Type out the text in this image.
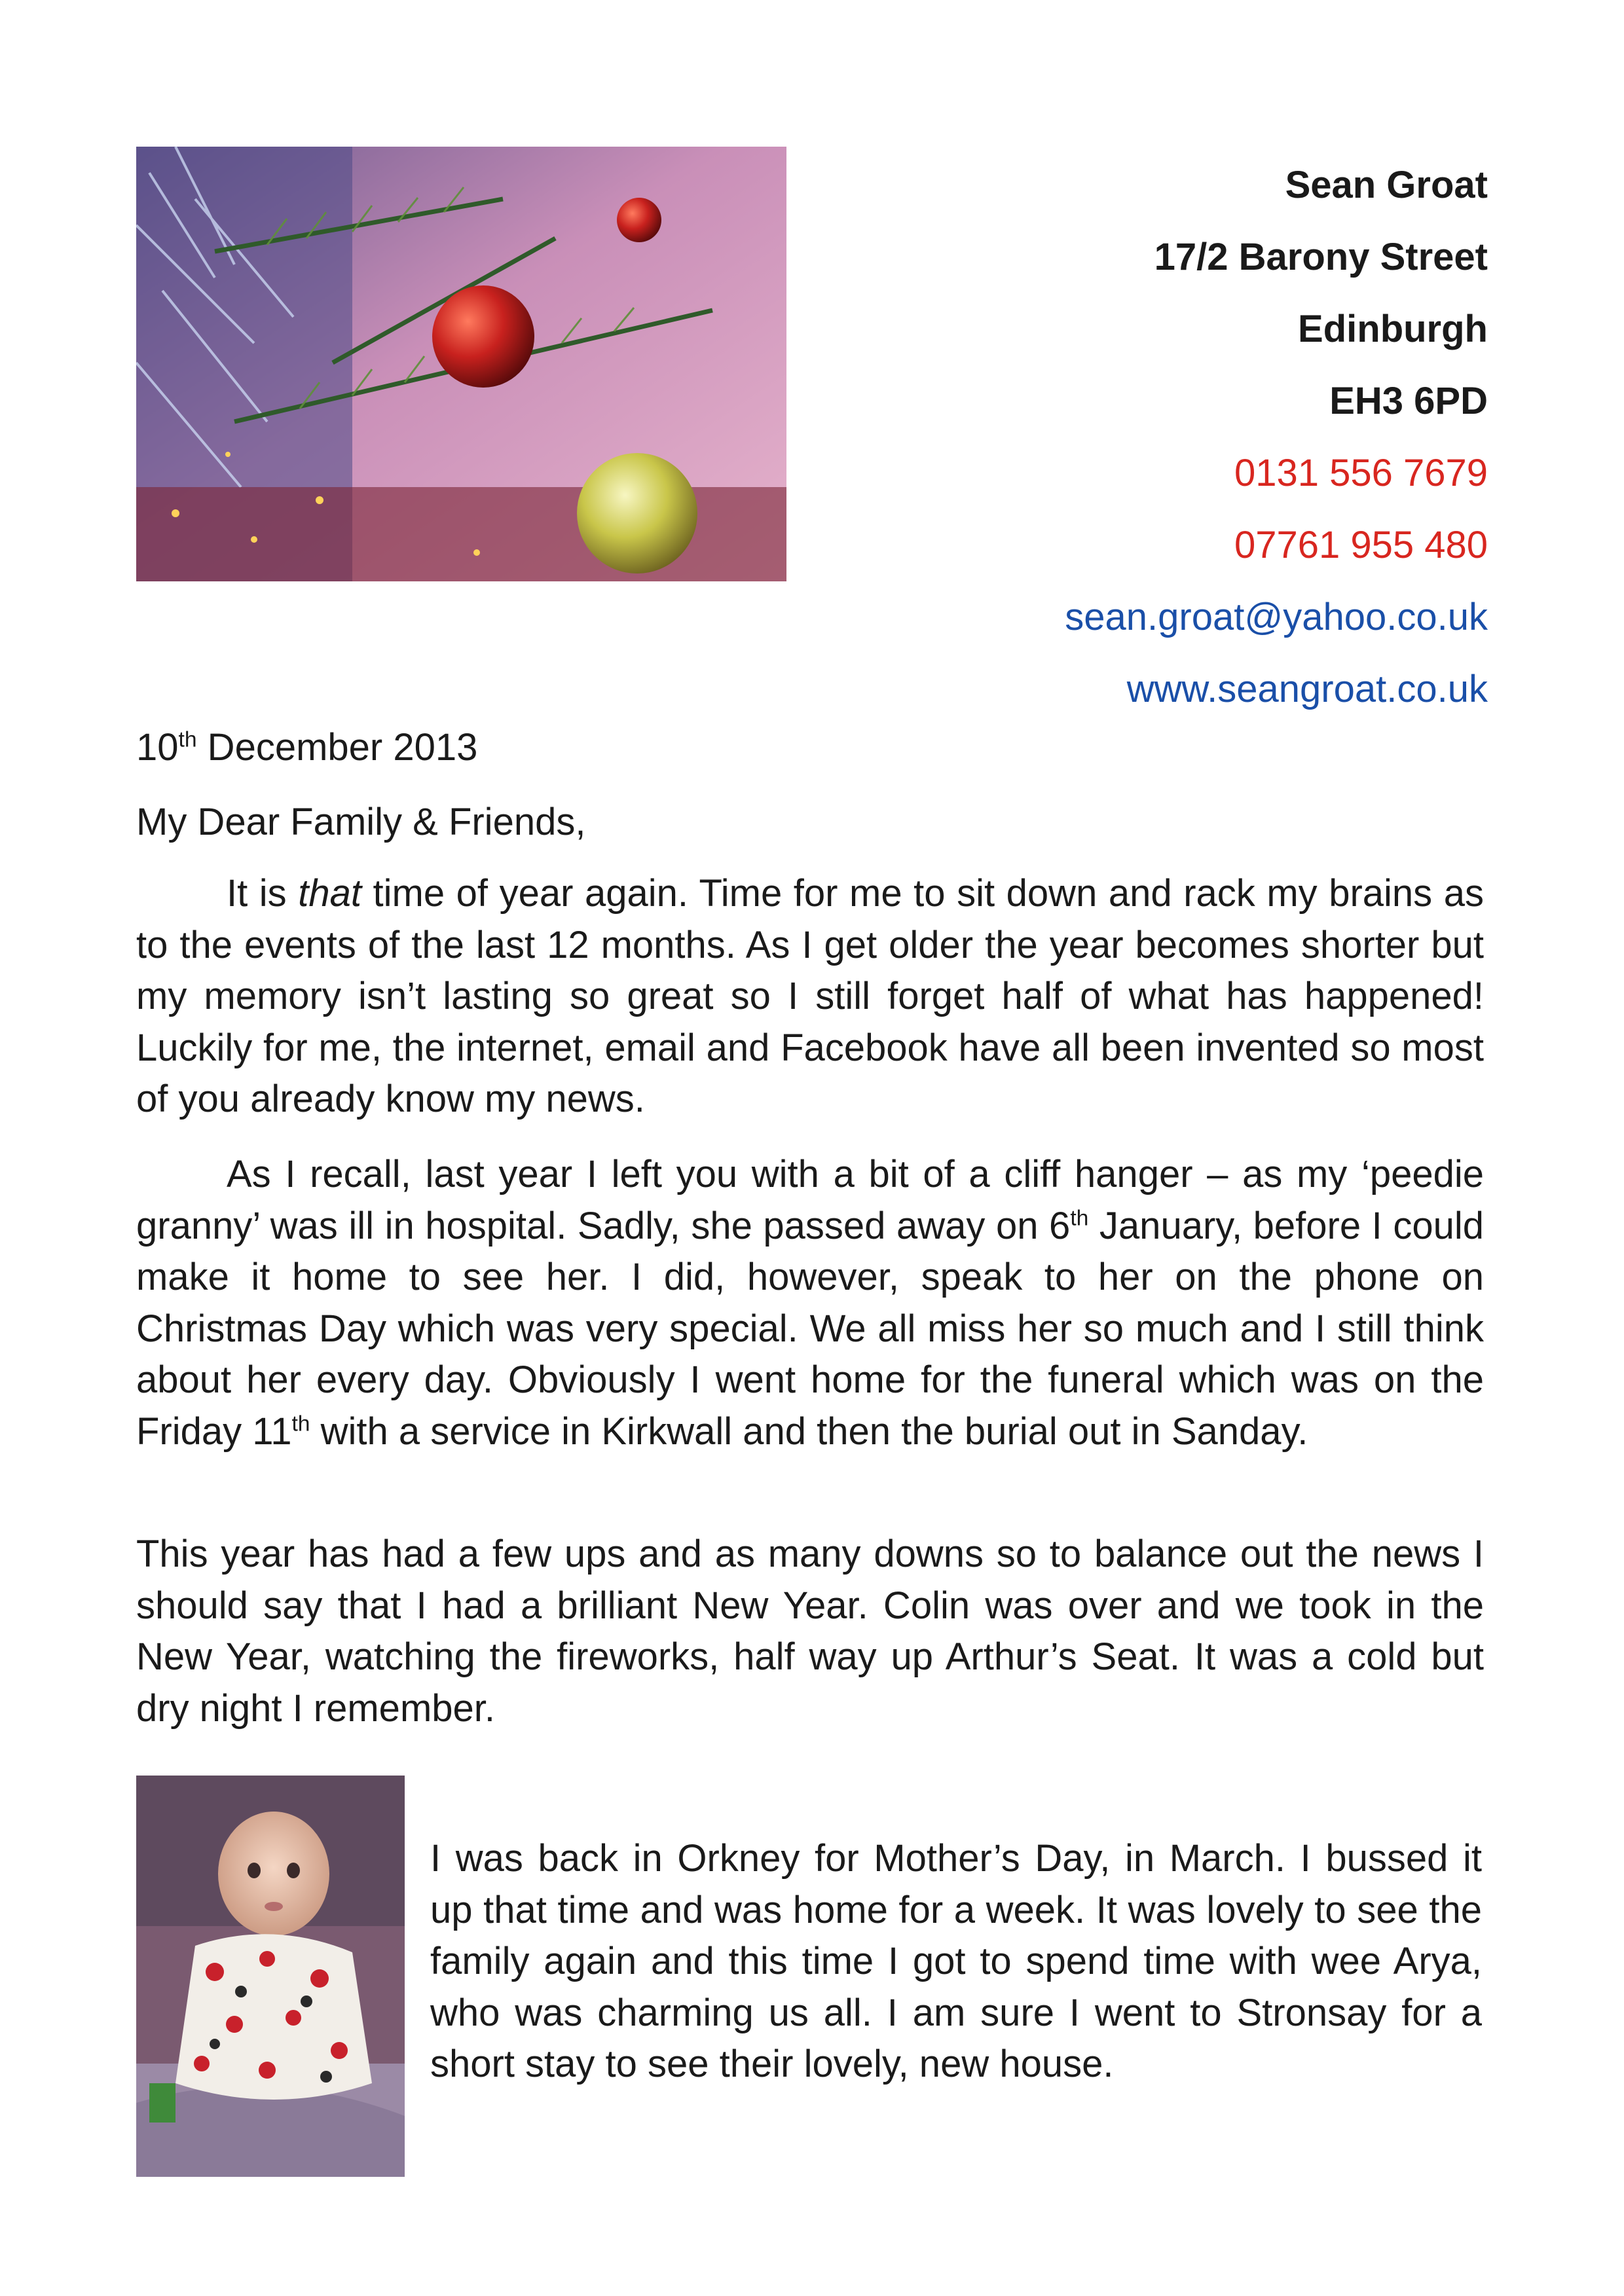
Sean Groat
17/2 Barony Street
Edinburgh
EH3 6PD
0131 556 7679
07761 955 480
sean.groat@yahoo.co.uk
www.seangroat.co.uk
10th December 2013
My Dear Family & Friends,

It is that time of year again. Time for me to sit down and rack my brains as to the events of the last 12 months. As I get older the year becomes shorter but my memory isn’t lasting so great so I still forget half of what has happened! Luckily for me, the internet, email and Facebook have all been invented so most of you already know my news.

As I recall, last year I left you with a bit of a cliff hanger – as my ‘peedie granny’ was ill in hospital. Sadly, she passed away on 6th January, before I could make it home to see her. I did, however, speak to her on the phone on Christmas Day which was very special. We all miss her so much and I still think about her every day. Obviously I went home for the funeral which was on the Friday 11th with a service in Kirkwall and then the burial out in Sanday.

This year has had a few ups and as many downs so to balance out the news I should say that I had a brilliant New Year. Colin was over and we took in the New Year, watching the fireworks, half way up Arthur’s Seat. It was a cold but dry night I remember.

I was back in Orkney for Mother’s Day, in March. I bussed it up that time and was home for a week. It was lovely to see the family again and this time I got to spend time with wee Arya, who was charming us all. I am sure I went to Stronsay for a short stay to see their lovely, new house.
